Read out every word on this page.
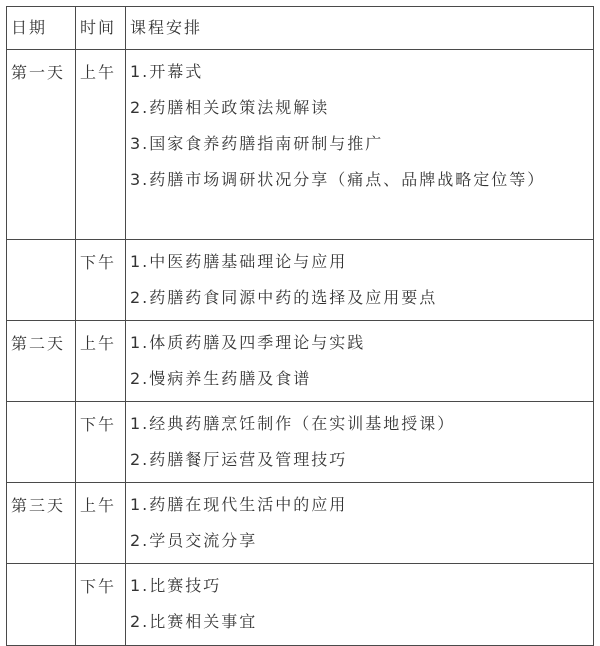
日期	时间	课程安排

第一天	上午	1.开幕式
2.药膳相关政策法规解读
3.国家食养药膳指南研制与推广
3.药膳市场调研状况分享（痛点、品牌战略定位等）

	下午	1.中医药膳基础理论与应用
2.药膳药食同源中药的选择及应用要点

第二天	上午	1.体质药膳及四季理论与实践
2.慢病养生药膳及食谱

	下午	1.经典药膳烹饪制作（在实训基地授课）
2.药膳餐厅运营及管理技巧

第三天	上午	1.药膳在现代生活中的应用
2.学员交流分享

	下午	1.比赛技巧
2.比赛相关事宜
